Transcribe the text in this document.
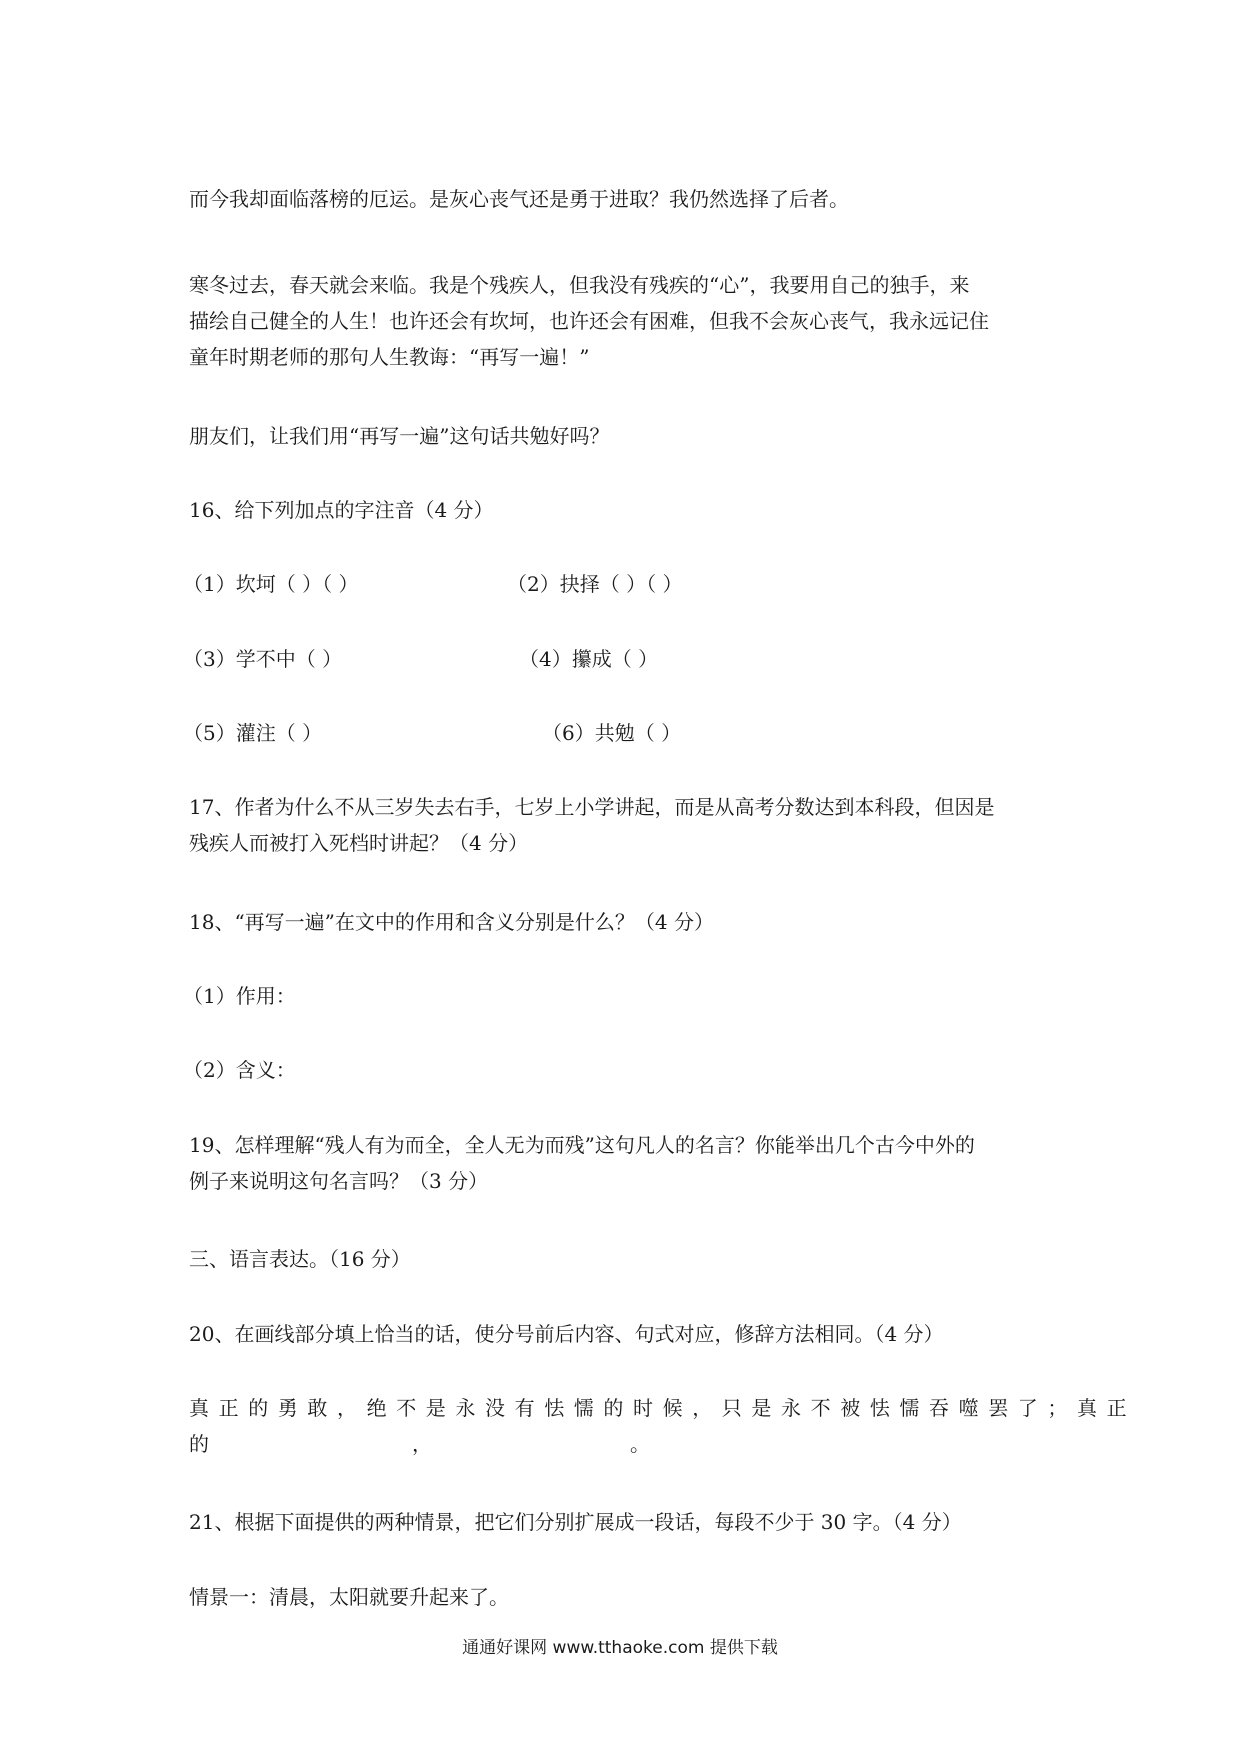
而今我却面临落榜的厄运。是灰心丧气还是勇于进取？我仍然选择了后者。
寒冬过去，春天就会来临。我是个残疾人，但我没有残疾的“心”，我要用自己的独手，来
描绘自己健全的人生！也许还会有坎坷，也许还会有困难，但我不会灰心丧气，我永远记住
童年时期老师的那句人生教诲：“再写一遍！”
朋友们，让我们用“再写一遍”这句话共勉好吗？
16、给下列加点的字注音（4 分）
（1）坎坷（ ）（ ）	（2）抉择（ ）（ ）
（3）学不中（ ）	（4）攥成（ ）
（5）灌注（ ）	（6）共勉（ ）
17、作者为什么不从三岁失去右手，七岁上小学讲起，而是从高考分数达到本科段，但因是
残疾人而被打入死档时讲起？（4 分）
18、“再写一遍”在文中的作用和含义分别是什么？（4 分）
（1）作用：
（2）含义：
19、怎样理解“残人有为而全，全人无为而残”这句凡人的名言？你能举出几个古今中外的
例子来说明这句名言吗？（3 分）
三、语言表达。（16 分）
20、在画线部分填上恰当的话，使分号前后内容、句式对应，修辞方法相同。（4 分）
真正的勇敢，绝不是永没有怯懦的时候，只是永不被怯懦吞噬罢了；真正
的	，	。
21、根据下面提供的两种情景，把它们分别扩展成一段话，每段不少于 30 字。（4 分）
情景一：清晨，太阳就要升起来了。
通通好课网 www.tthaoke.com 提供下载
